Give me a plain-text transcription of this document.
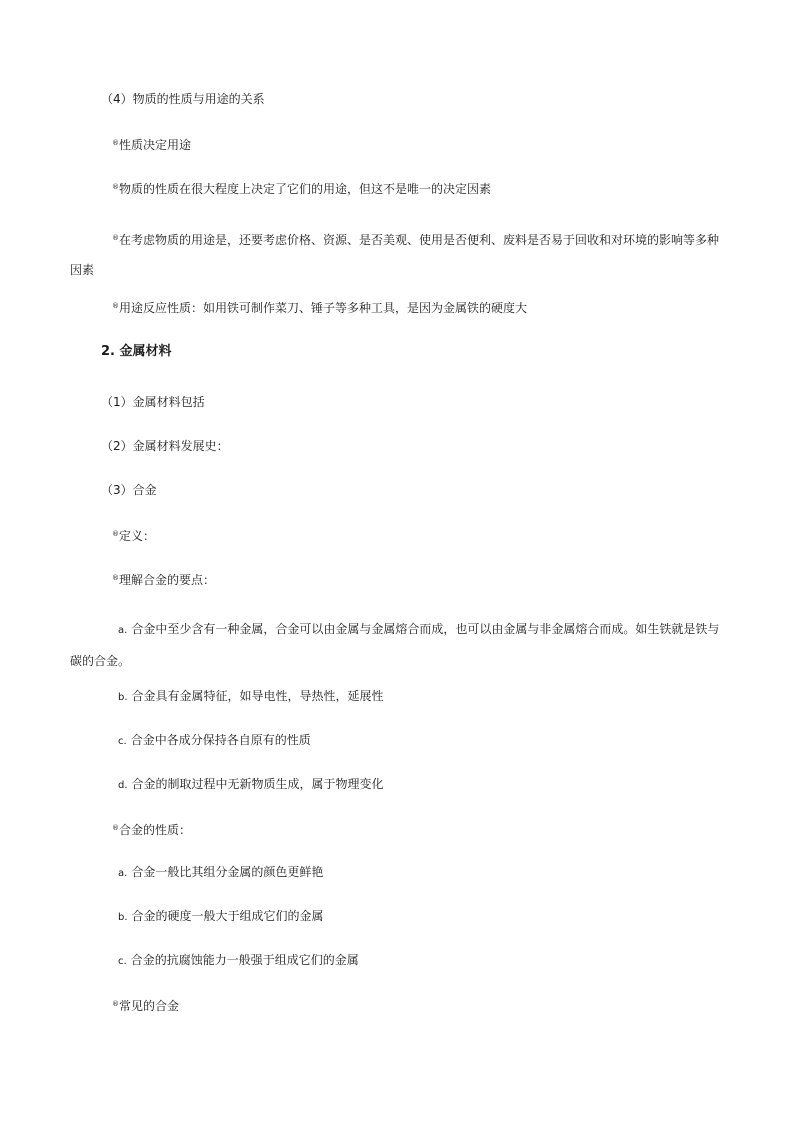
（4）物质的性质与用途的关系
®性质决定用途
®物质的性质在很大程度上决定了它们的用途，但这不是唯一的决定因素
®在考虑物质的用途是，还要考虑价格、资源、是否美观、使用是否便利、废料是否易于回收和对环境的影响等多种因素
®用途反应性质：如用铁可制作菜刀、锤子等多种工具，是因为金属铁的硬度大
2. 金属材料
（1）金属材料包括
（2）金属材料发展史：
（3）合金
®定义：
®理解合金的要点：
a. 合金中至少含有一种金属，合金可以由金属与金属熔合而成，也可以由金属与非金属熔合而成。如生铁就是铁与碳的合金。
b. 合金具有金属特征，如导电性，导热性，延展性
c. 合金中各成分保持各自原有的性质
d. 合金的制取过程中无新物质生成，属于物理变化
®合金的性质：
a. 合金一般比其组分金属的颜色更鲜艳
b. 合金的硬度一般大于组成它们的金属
c. 合金的抗腐蚀能力一般强于组成它们的金属
®常见的合金
